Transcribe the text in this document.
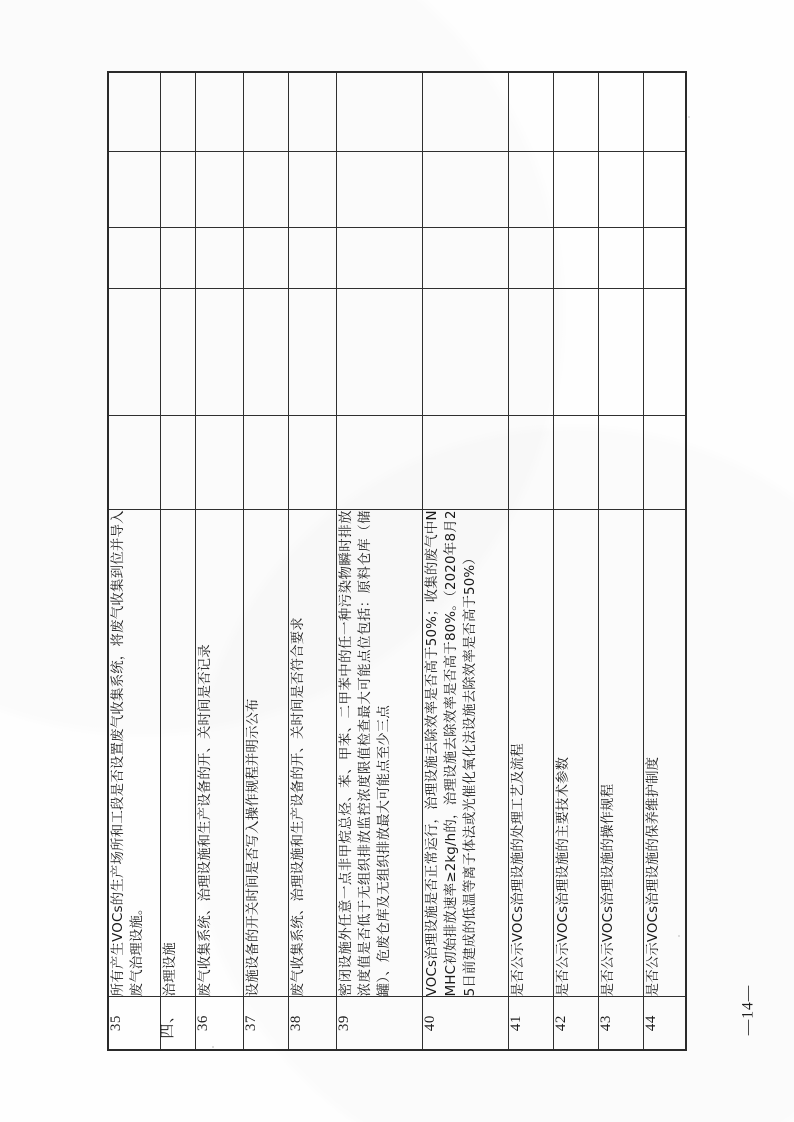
35	所有产生VOCs的生产场所和工段是否设置废气收集系统，将废气收集到位并导入废气治理设施。					

四、	治理设施					

36	废气收集系统、治理设施和生产设备的开、关时间是否记录					

37	设施设备的开关时间是否写入操作规程并明示公布					

38	废气收集系统、治理设施和生产设备的开、关时间是否符合要求					

39	密闭设施外任意一点非甲烷总烃、苯、甲苯、二甲苯中的任一种污染物瞬时排放浓度值是否低于无组织排放监控浓度限值检查最大可能点位包括：原料仓库（储罐）、危废仓库及无组织排放最大可能点至少三点					

40	VOCs治理设施是否正常运行，治理设施去除效率是否高于50%；收集的废气中NMHC初始排放速率≥2kg/h的，治理设施去除效率是否高于80%。（2020年8月25日前建成的低温等离子体法或光催化氧化法设施去除效率是否高于50%）					

41	是否公示VOCs治理设施的处理工艺及流程					

42	是否公示VOCs治理设施的主要技术参数					

43	是否公示VOCs治理设施的操作规程					

44	是否公示VOCs治理设施的保养维护制度					

—14—
